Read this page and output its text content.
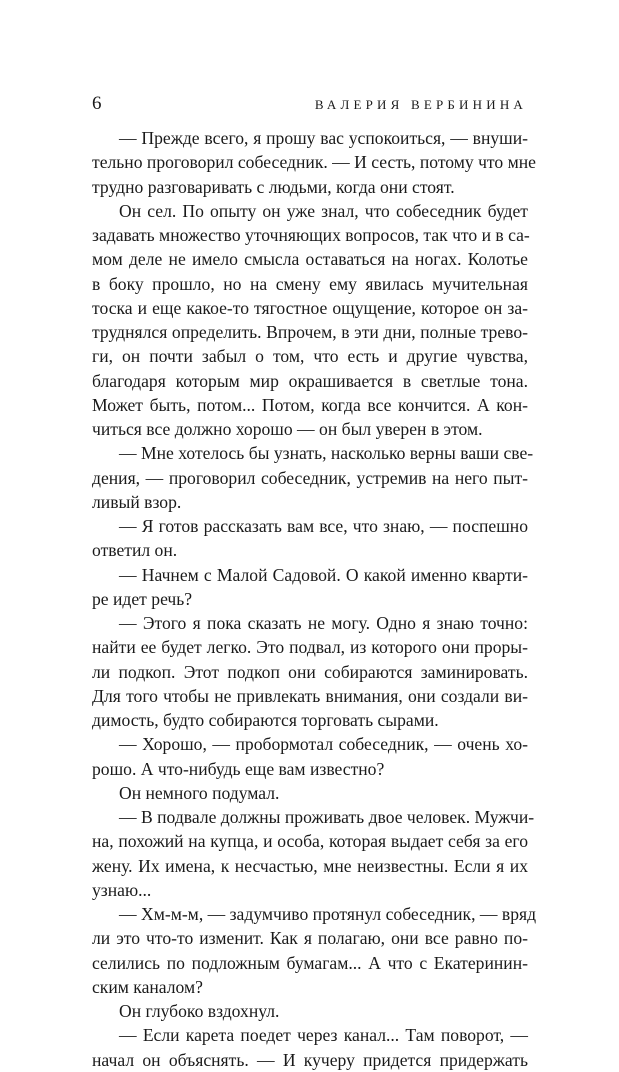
6	ВАЛЕРИЯ ВЕРБИНИНА
— Прежде всего, я прошу вас успокоиться, — внуши-
тельно проговорил собеседник. — И сесть, потому что мне
трудно разговаривать с людьми, когда они стоят.
Он сел. По опыту он уже знал, что собеседник будет
задавать множество уточняющих вопросов, так что и в са-
мом деле не имело смысла оставаться на ногах. Колотье
в боку прошло, но на смену ему явилась мучительная
тоска и еще какое-то тягостное ощущение, которое он за-
труднялся определить. Впрочем, в эти дни, полные трево-
ги, он почти забыл о том, что есть и другие чувства,
благодаря которым мир окрашивается в светлые тона.
Может быть, потом... Потом, когда все кончится. А кон-
читься все должно хорошо — он был уверен в этом.
— Мне хотелось бы узнать, насколько верны ваши све-
дения, — проговорил собеседник, устремив на него пыт-
ливый взор.
— Я готов рассказать вам все, что знаю, — поспешно
ответил он.
— Начнем с Малой Садовой. О какой именно кварти-
ре идет речь?
— Этого я пока сказать не могу. Одно я знаю точно:
найти ее будет легко. Это подвал, из которого они проры-
ли подкоп. Этот подкоп они собираются заминировать.
Для того чтобы не привлекать внимания, они создали ви-
димость, будто собираются торговать сырами.
— Хорошо, — пробормотал собеседник, — очень хо-
рошо. А что-нибудь еще вам известно?
Он немного подумал.
— В подвале должны проживать двое человек. Мужчи-
на, похожий на купца, и особа, которая выдает себя за его
жену. Их имена, к несчастью, мне неизвестны. Если я их
узнаю...
— Хм-м-м, — задумчиво протянул собеседник, — вряд
ли это что-то изменит. Как я полагаю, они все равно по-
селились по подложным бумагам... А что с Екатеринин-
ским каналом?
Он глубоко вздохнул.
— Если карета поедет через канал... Там поворот, —
начал он объяснять. — И кучеру придется придержать
